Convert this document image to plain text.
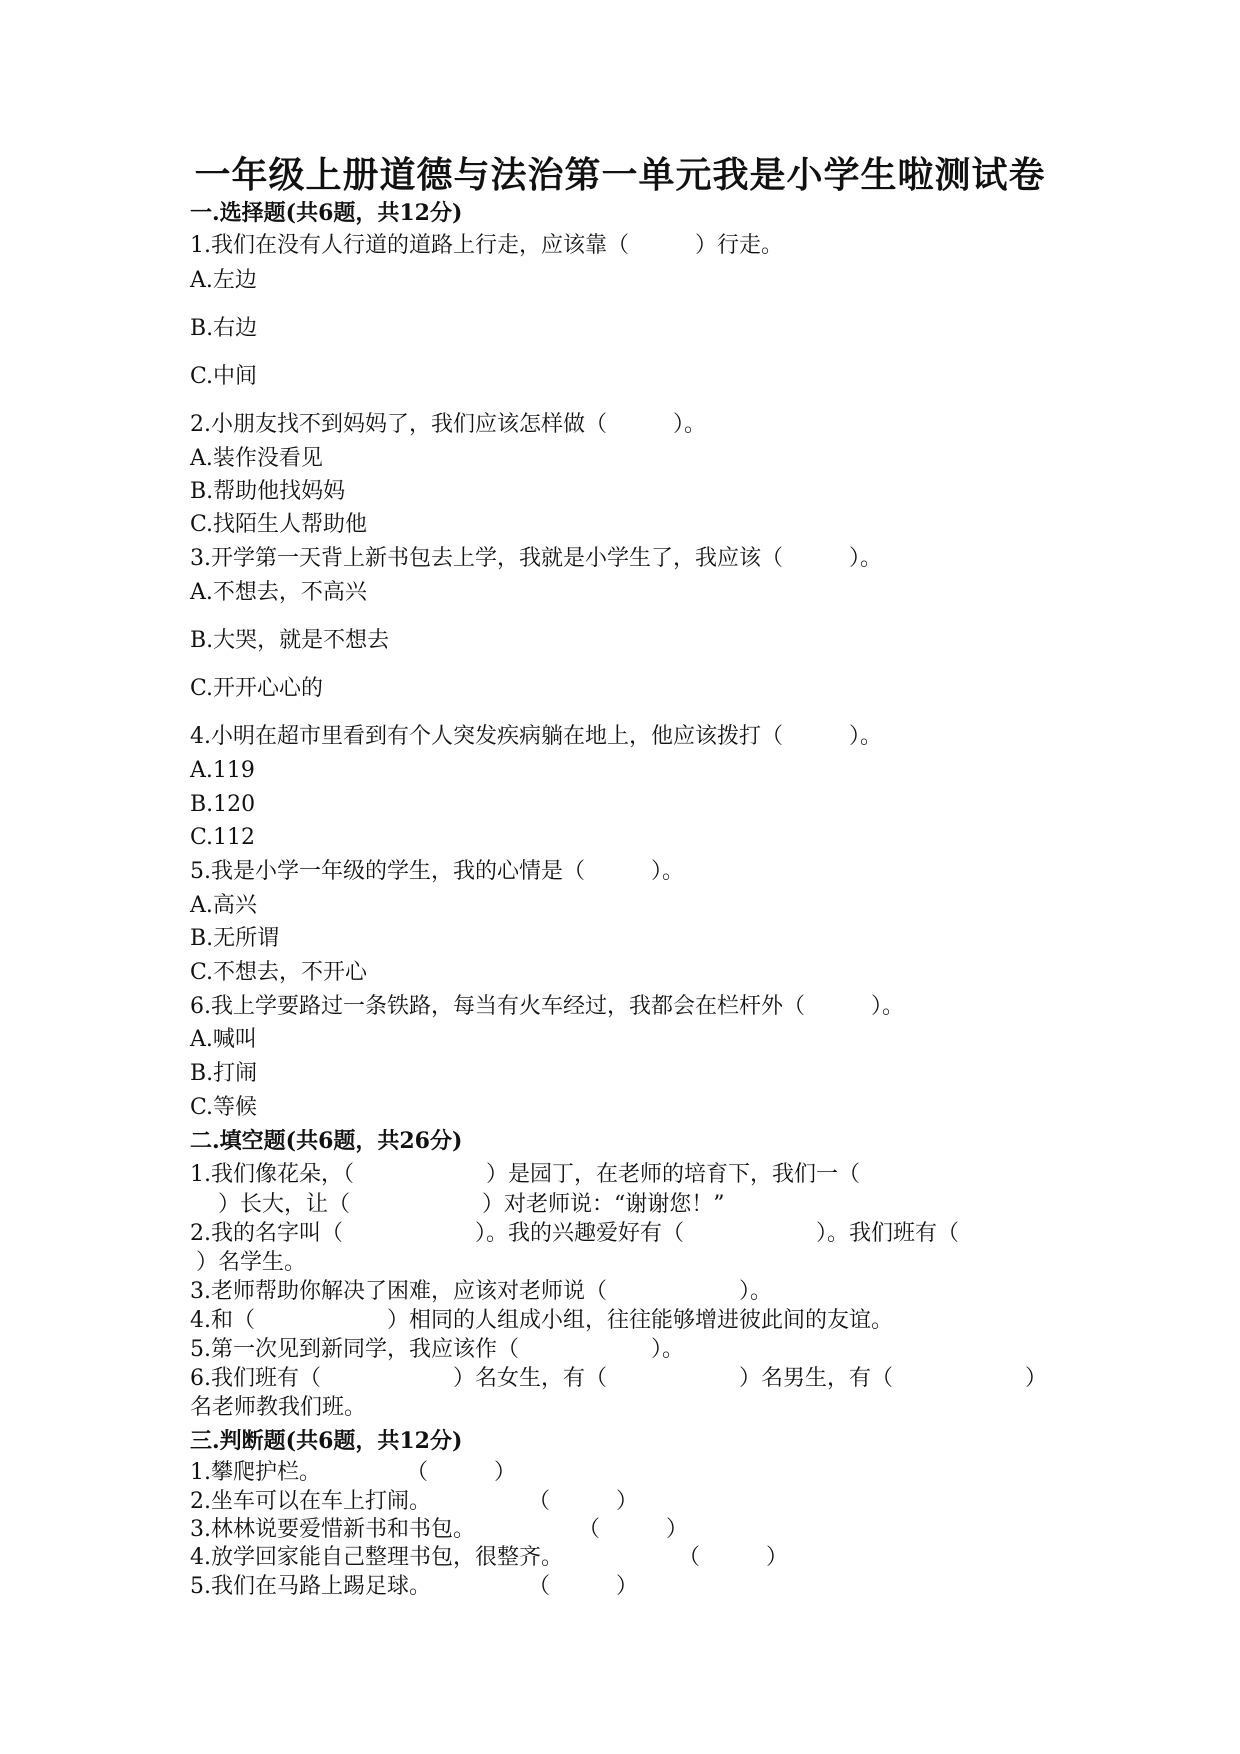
一年级上册道德与法治第一单元我是小学生啦测试卷
一.选择题(共6题，共12分)
1.我们在没有人行道的道路上行走，应该靠（　　　）行走。
A.左边
B.右边
C.中间
2.小朋友找不到妈妈了，我们应该怎样做（　　　）。
A.装作没看见
B.帮助他找妈妈
C.找陌生人帮助他
3.开学第一天背上新书包去上学，我就是小学生了，我应该（　　　）。
A.不想去，不高兴
B.大哭，就是不想去
C.开开心心的
4.小明在超市里看到有个人突发疾病躺在地上，他应该拨打（　　　）。
A.119
B.120
C.112
5.我是小学一年级的学生，我的心情是（　　　）。
A.高兴
B.无所谓
C.不想去，不开心
6.我上学要路过一条铁路，每当有火车经过，我都会在栏杆外（　　　）。
A.喊叫
B.打闹
C.等候
二.填空题(共6题，共26分)
1.我们像花朵，（　　　　　　）是园丁，在老师的培育下，我们一（
　）长大，让（　　　　　　）对老师说：“谢谢您！”
2.我的名字叫（　　　　　　）。我的兴趣爱好有（　　　　　　）。我们班有（
）名学生。
3.老师帮助你解决了困难，应该对老师说（　　　　　　）。
4.和（　　　　　　）相同的人组成小组，往往能够增进彼此间的友谊。
5.第一次见到新同学，我应该作（　　　　　　）。
6.我们班有（　　　　　　）名女生，有（　　　　　　）名男生，有（　　　　　　）
名老师教我们班。
三.判断题(共6题，共12分)
1.攀爬护栏。	（　　　）
2.坐车可以在车上打闹。	（　　　）
3.林林说要爱惜新书和书包。	（　　　）
4.放学回家能自己整理书包，很整齐。	（　　　）
5.我们在马路上踢足球。	（　　　）
